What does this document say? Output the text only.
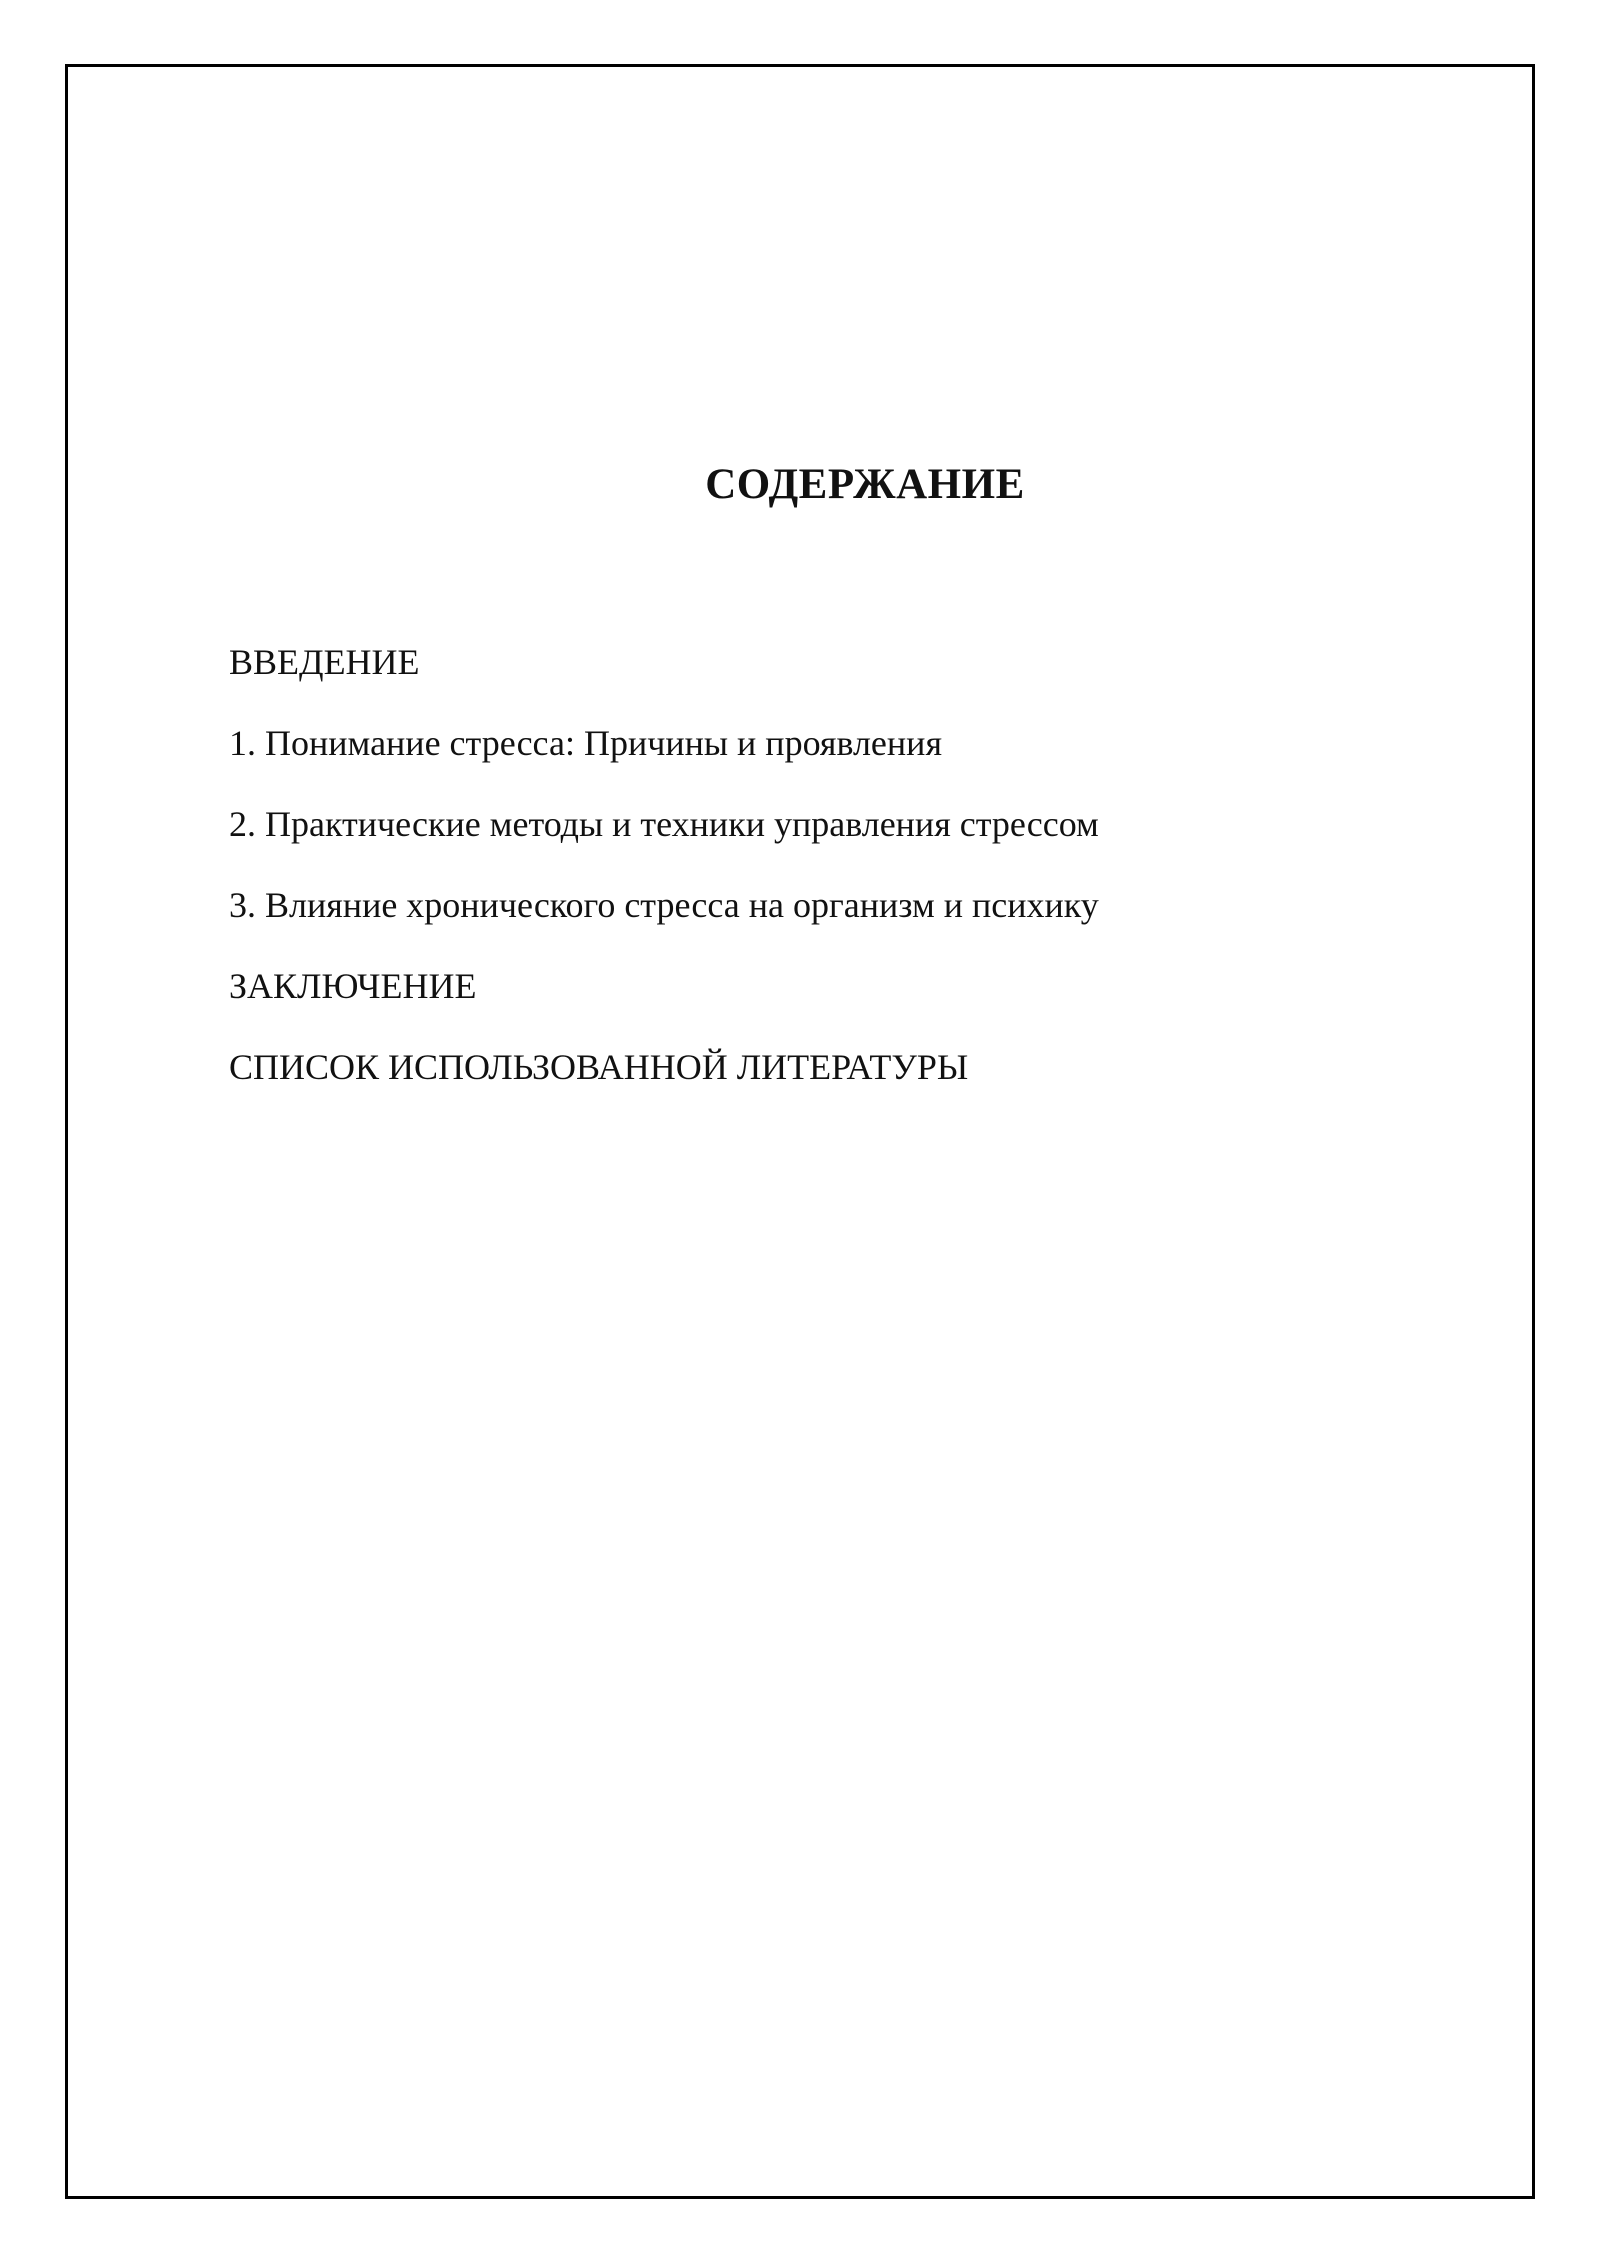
СОДЕРЖАНИЕ
ВВЕДЕНИЕ
1. Понимание стресса: Причины и проявления
2. Практические методы и техники управления стрессом
3. Влияние хронического стресса на организм и психику
ЗАКЛЮЧЕНИЕ
СПИСОК ИСПОЛЬЗОВАННОЙ ЛИТЕРАТУРЫ
